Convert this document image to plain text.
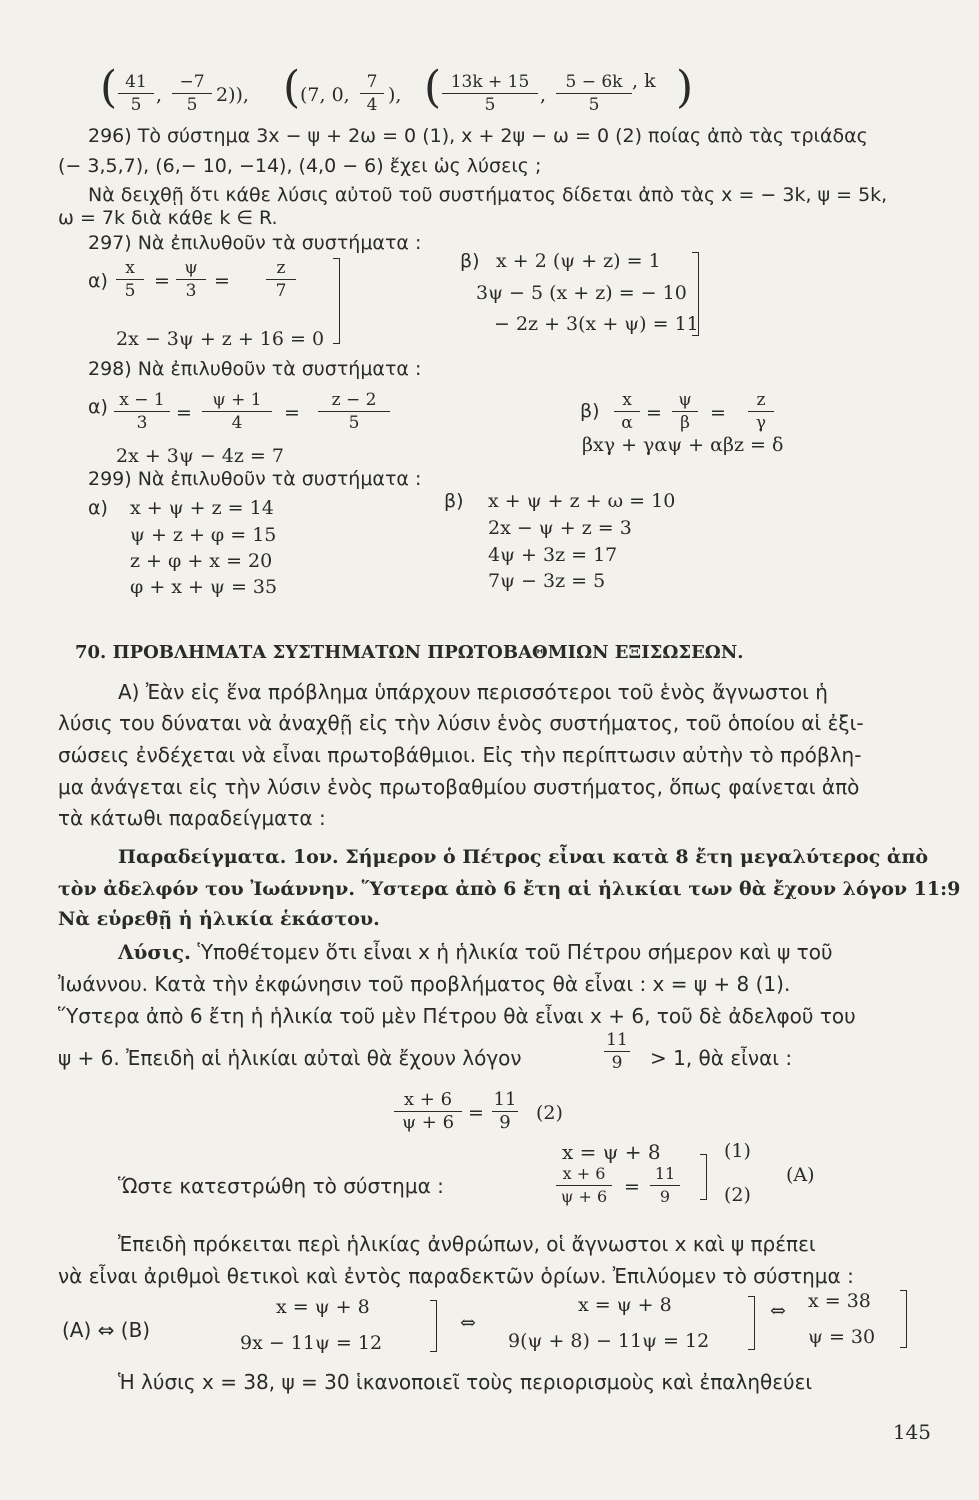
( 41
5 ,
−7
5 2)), ( (7, 0,
7
4 ), ( 13k + 15
5	,
5 − 6k
5
, k )
296) Τὸ σύστημα 3x − ψ + 2ω = 0 (1), x + 2ψ − ω = 0 (2) ποίας ἀπὸ τὰς τριάδας
(− 3,5,7), (6,− 10, −14), (4,0 − 6) ἔχει ὡς λύσεις ;
Νὰ δειχθῇ ὅτι κάθε λύσις αὐτοῦ τοῦ συστήματος δίδεται ἀπὸ τὰς x = − 3k, ψ = 5k,
ω = 7k διὰ κάθε k ∈ R.
297) Νὰ ἐπιλυθοῦν τὰ συστήματα :
α)
x
5 =
ψ
3 =
z
7
2x − 3ψ + z + 16 = 0
β) x + 2 (ψ + z) = 1
3ψ − 5 (x + z) = − 10
− 2z + 3(x + ψ) = 11
298) Νὰ ἐπιλυθοῦν τὰ συστήματα :
α) x − 1
3	=
ψ + 1
4	=
z − 2
5
2x + 3ψ − 4z = 7
β)	x
α =
ψ
β	=
z
γ
βxγ + γαψ + αβz = δ
299) Νὰ ἐπιλυθοῦν τὰ συστήματα :
α) x + ψ + z = 14
ψ + z + φ = 15
z + φ + x = 20
φ + x + ψ = 35
β) x + ψ + z + ω = 10
2x − ψ + z = 3
4ψ + 3z = 17
7ψ − 3z = 5
70. ΠΡΟΒΛΗΜΑΤΑ ΣΥΣΤΗΜΑΤΩΝ ΠΡΩΤΟΒΑΘΜΙΩΝ ΕΞΙΣΩΣΕΩΝ.
Α) Ἐὰν εἰς ἕνα πρόβλημα ὑπάρχουν περισσότεροι τοῦ ἑνὸς ἄγνωστοι ἡ
λύσις του δύναται νὰ ἀναχθῇ εἰς τὴν λύσιν ἑνὸς συστήματος, τοῦ ὁποίου αἱ ἐξι-
σώσεις ἐνδέχεται νὰ εἶναι πρωτοβάθμιοι. Εἰς τὴν περίπτωσιν αὐτὴν τὸ πρόβλη-
μα ἀνάγεται εἰς τὴν λύσιν ἑνὸς πρωτοβαθμίου συστήματος, ὅπως φαίνεται ἀπὸ
τὰ κάτωθι παραδείγματα :
Παραδείγματα. 1ον. Σήμερον ὁ Πέτρος εἶναι κατὰ 8 ἔτη μεγαλύτερος ἀπὸ
τὸν ἀδελφόν του Ἰωάννην. Ὕστερα ἀπὸ 6 ἔτη αἱ ἡλικίαι των θὰ ἔχουν λόγον 11:9
Νὰ εὑρεθῇ ἡ ἡλικία ἑκάστου.
Λύσις. Ὑποθέτομεν ὅτι εἶναι x ἡ ἡλικία τοῦ Πέτρου σήμερον καὶ ψ τοῦ
Ἰωάννου. Κατὰ τὴν ἐκφώνησιν τοῦ προβλήματος θὰ εἶναι : x = ψ + 8 (1).
Ὕστερα ἀπὸ 6 ἔτη ἡ ἡλικία τοῦ μὲν Πέτρου θὰ εἶναι x + 6, τοῦ δὲ ἀδελφοῦ του
ψ + 6. Ἐπειδὴ αἱ ἡλικίαι αὐταὶ θὰ ἔχουν λόγον
11
9	> 1, θὰ εἶναι :
x + 6
ψ + 6 =
11
9	(2)
Ὥστε κατεστρώθη τὸ σύστημα :
x = ψ + 8	(1)
x + 6
ψ + 6 =
11
9	(2)
(A)
Ἐπειδὴ πρόκειται περὶ ἡλικίας ἀνθρώπων, οἱ ἄγνωστοι x καὶ ψ πρέπει
νὰ εἶναι ἀριθμοὶ θετικοὶ καὶ ἐντὸς παραδεκτῶν ὁρίων. Ἐπιλύομεν τὸ σύστημα :
(A) ⇔ (B)
x = ψ + 8
9x − 11ψ = 12
⇔
x = ψ + 8
9(ψ + 8) − 11ψ = 12
⇔ x = 38
ψ = 30
Ἡ λύσις x = 38, ψ = 30 ἱκανοποιεῖ τοὺς περιορισμοὺς καὶ ἐπαληθεύει
145
